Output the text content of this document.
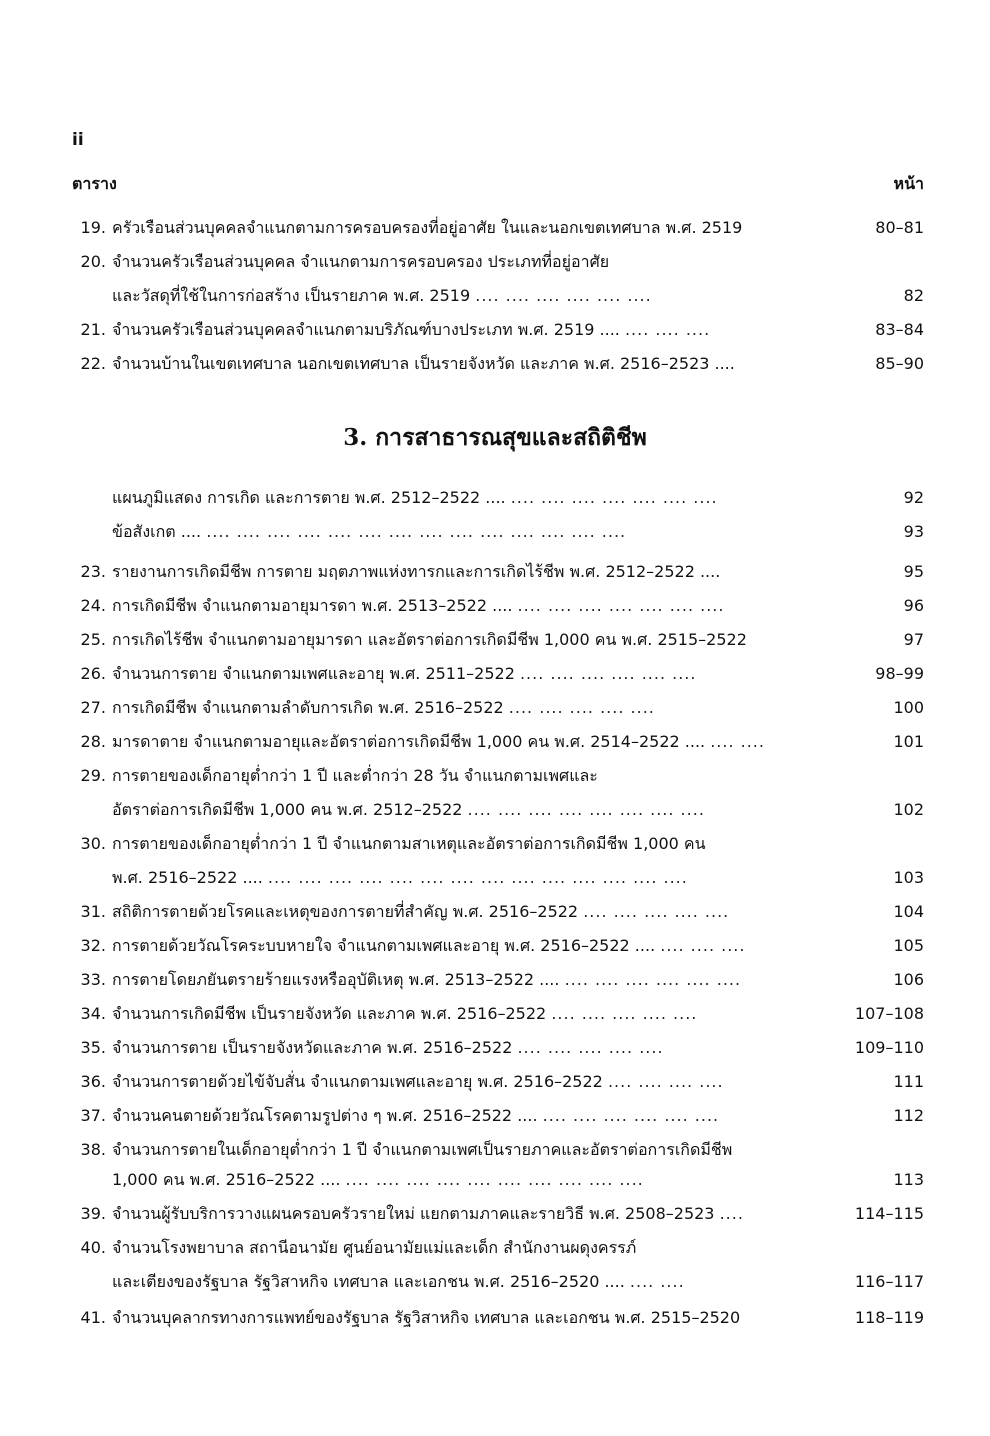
ii
ตาราง	หน้า
19. ครัวเรือนส่วนบุคคลจำแนกตามการครอบครองที่อยู่อาศัย ในและนอกเขตเทศบาล พ.ศ. 2519	80–81
20. จำนวนครัวเรือนส่วนบุคคล จำแนกตามการครอบครอง ประเภทที่อยู่อาศัย
และวัสดุที่ใช้ในการก่อสร้าง เป็นรายภาค พ.ศ. 2519 .... .... .... .... .... ....	82
21. จำนวนครัวเรือนส่วนบุคคลจำแนกตามบริภัณฑ์บางประเภท พ.ศ. 2519 .... .... .... ....	83–84
22. จำนวนบ้านในเขตเทศบาล นอกเขตเทศบาล เป็นรายจังหวัด และภาค พ.ศ. 2516–2523 ....	85–90
3. การสาธารณสุขและสถิติชีพ
แผนภูมิแสดง การเกิด และการตาย พ.ศ. 2512–2522 .... .... .... .... .... .... .... ....	92
ข้อสังเกต .... .... .... .... .... .... .... .... .... .... .... .... .... .... ....	93
23. รายงานการเกิดมีชีพ การตาย มฤตภาพแห่งทารกและการเกิดไร้ชีพ พ.ศ. 2512–2522 ....	95
24. การเกิดมีชีพ จำแนกตามอายุมารดา พ.ศ. 2513–2522 .... .... .... .... .... .... .... ....	96
25. การเกิดไร้ชีพ จำแนกตามอายุมารดา และอัตราต่อการเกิดมีชีพ 1,000 คน พ.ศ. 2515–2522	97
26. จำนวนการตาย จำแนกตามเพศและอายุ พ.ศ. 2511–2522 .... .... .... .... .... ....	98–99
27. การเกิดมีชีพ จำแนกตามลำดับการเกิด พ.ศ. 2516–2522 .... .... .... .... ....	100
28. มารดาตาย จำแนกตามอายุและอัตราต่อการเกิดมีชีพ 1,000 คน พ.ศ. 2514–2522 .... .... ....	101
29. การตายของเด็กอายุต่ำกว่า 1 ปี และต่ำกว่า 28 วัน จำแนกตามเพศและ
อัตราต่อการเกิดมีชีพ 1,000 คน พ.ศ. 2512–2522 .... .... .... .... .... .... .... ....	102
30. การตายของเด็กอายุต่ำกว่า 1 ปี จำแนกตามสาเหตุและอัตราต่อการเกิดมีชีพ 1,000 คน
พ.ศ. 2516–2522 .... .... .... .... .... .... .... .... .... .... .... .... .... .... ....	103
31. สถิติการตายด้วยโรคและเหตุของการตายที่สำคัญ พ.ศ. 2516–2522 .... .... .... .... ....	104
32. การตายด้วยวัณโรคระบบหายใจ จำแนกตามเพศและอายุ พ.ศ. 2516–2522 .... .... .... ....	105
33. การตายโดยภยันตรายร้ายแรงหรืออุบัติเหตุ พ.ศ. 2513–2522 .... .... .... .... .... .... ....	106
34. จำนวนการเกิดมีชีพ เป็นรายจังหวัด และภาค พ.ศ. 2516–2522 .... .... .... .... ....	107–108
35. จำนวนการตาย เป็นรายจังหวัดและภาค พ.ศ. 2516–2522 .... .... .... .... ....	109–110
36. จำนวนการตายด้วยไข้จับสั่น จำแนกตามเพศและอายุ พ.ศ. 2516–2522 .... .... .... ....	111
37. จำนวนคนตายด้วยวัณโรคตามรูปต่าง ๆ พ.ศ. 2516–2522 .... .... .... .... .... .... ....	112
38. จำนวนการตายในเด็กอายุต่ำกว่า 1 ปี จำแนกตามเพศเป็นรายภาคและอัตราต่อการเกิดมีชีพ
1,000 คน พ.ศ. 2516–2522 .... .... .... .... .... .... .... .... .... .... ....	113
39. จำนวนผู้รับบริการวางแผนครอบครัวรายใหม่ แยกตามภาคและรายวิธี พ.ศ. 2508–2523 ....	114–115
40. จำนวนโรงพยาบาล สถานีอนามัย ศูนย์อนามัยแม่และเด็ก สำนักงานผดุงครรภ์
และเตียงของรัฐบาล รัฐวิสาหกิจ เทศบาล และเอกชน พ.ศ. 2516–2520 .... .... ....	116–117
41. จำนวนบุคลากรทางการแพทย์ของรัฐบาล รัฐวิสาหกิจ เทศบาล และเอกชน พ.ศ. 2515–2520	118–119
